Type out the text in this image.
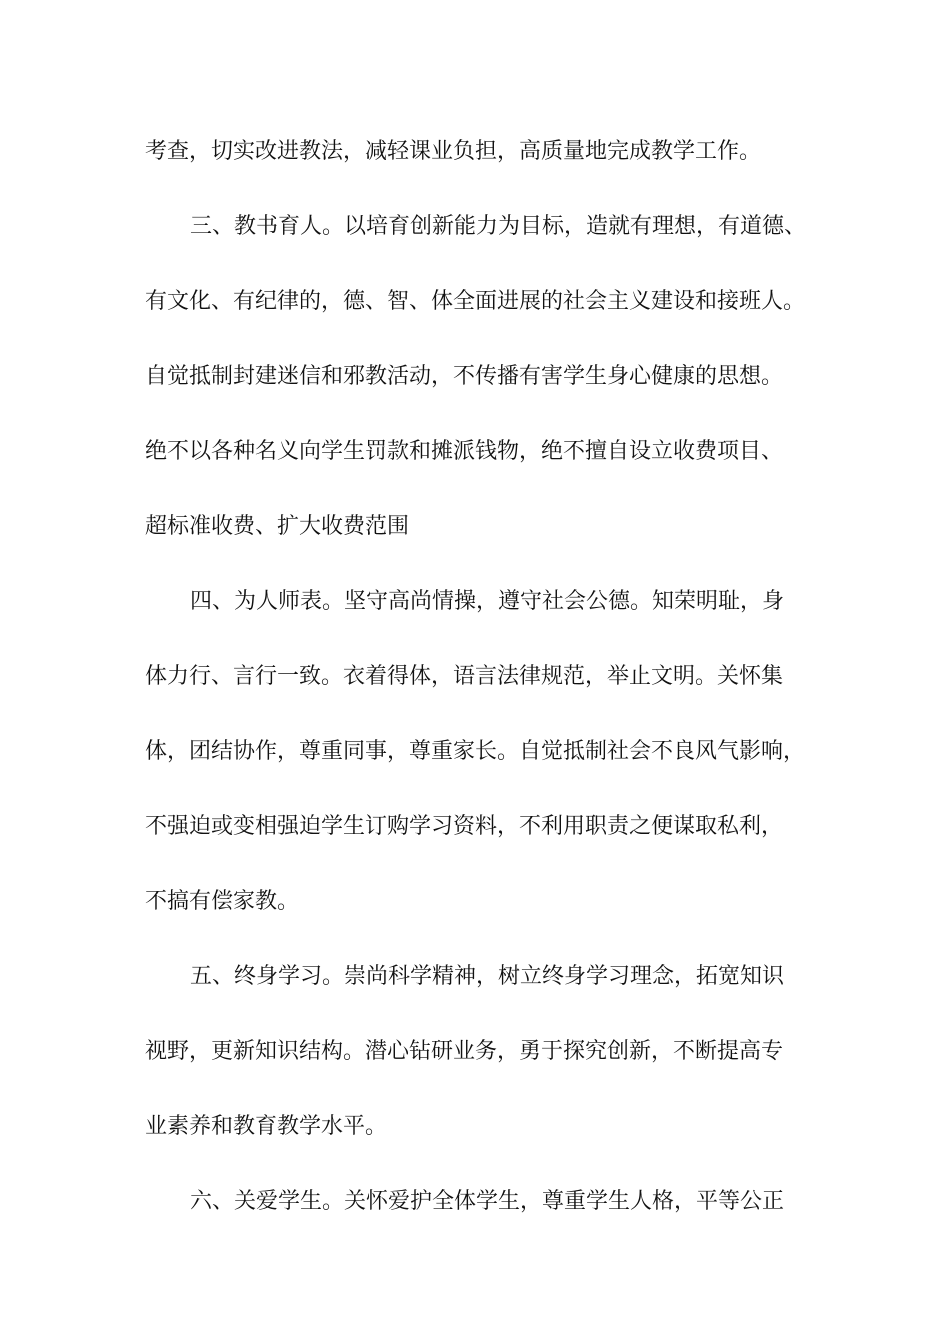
考查，切实改进教法，减轻课业负担，高质量地完成教学工作。
三、教书育人。以培育创新能力为目标，造就有理想，有道德、
有文化、有纪律的，德、智、体全面进展的社会主义建设和接班人。
自觉抵制封建迷信和邪教活动，不传播有害学生身心健康的思想。
绝不以各种名义向学生罚款和摊派钱物，绝不擅自设立收费项目、
超标准收费、扩大收费范围
四、为人师表。坚守高尚情操，遵守社会公德。知荣明耻，身
体力行、言行一致。衣着得体，语言法律规范，举止文明。关怀集
体，团结协作，尊重同事，尊重家长。自觉抵制社会不良风气影响，
不强迫或变相强迫学生订购学习资料，不利用职责之便谋取私利，
不搞有偿家教。
五、终身学习。崇尚科学精神，树立终身学习理念，拓宽知识
视野，更新知识结构。潜心钻研业务，勇于探究创新，不断提高专
业素养和教育教学水平。
六、关爱学生。关怀爱护全体学生，尊重学生人格，平等公正
